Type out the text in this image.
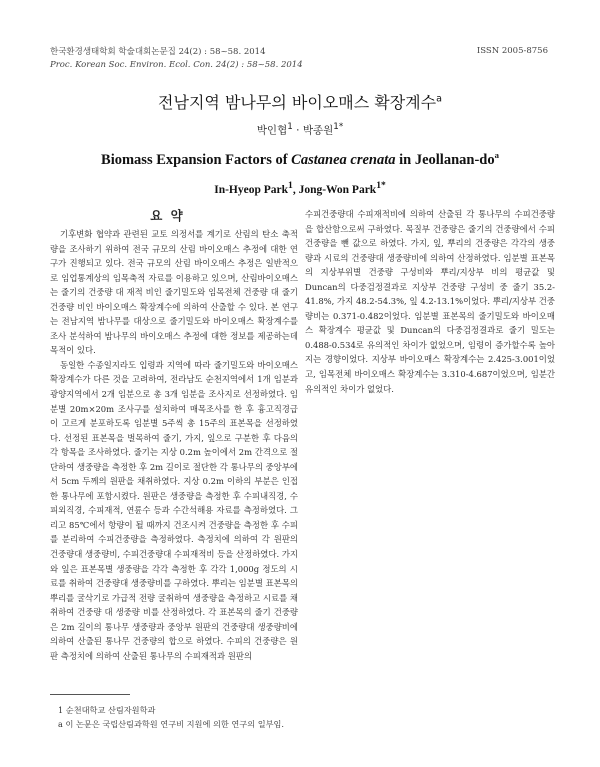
한국환경생태학회 학술대회논문집 24(2) : 58~58. 2014
Proc. Korean Soc. Environ. Ecol. Con. 24(2) : 58~58. 2014
ISSN 2005-8756
전남지역 밤나무의 바이오매스 확장계수$^a$
박인협$^1$ · 박종원$^{1*}$
Biomass Expansion Factors of Castanea crenata in Jeollanan-$do^a$
In-Hyeop Park$^1$, Jong-Won Park$^{1*}$
요 약

기후변화 협약과 관련된 교토 의정서를 계기로 산림의 탄소 축적량을 조사하기 위하여 전국 규모의 산림 바이오매스 추정에 대한 연구가 진행되고 있다. 전국 규모의 산림 바이오매스 추정은 일반적으로 임업통계상의 임목축적 자료를 이용하고 있으며, 산림바이오매스는 줄기의 건중량 대 재적 비인 줄기밀도와 임목전체 건중량 대 줄기 건중량 비인 바이오매스 확장계수에 의하여 산출할 수 있다. 본 연구는 전남지역 밤나무를 대상으로 줄기밀도와 바이오매스 확장계수를 조사 분석하여 밤나무의 바이오매스 추정에 대한 정보를 제공하는데 목적이 있다.

동일한 수종일지라도 입령과 지역에 따라 줄기밀도와 바이오매스 확장계수가 다른 것을 고려하여, 전라남도 순천지역에서 1개 임분과 광양지역에서 2개 임분으로 총 3개 임분을 조사지로 선정하였다. 임분별 20m×20m 조사구를 설치하여 매목조사를 한 후 흉고직경급이 고르게 분포하도록 임분별 5주씩 총 15주의 표본목을 선정하였다. 선정된 표본목을 벌목하여 줄기, 가지, 잎으로 구분한 후 다음의 각 항목을 조사하였다. 줄기는 지상 0.2m 높이에서 2m 간격으로 절단하여 생중량을 측정한 후 2m 길이로 절단한 각 통나무의 중앙부에서 5cm 두께의 원판을 채취하였다. 지상 0.2m 이하의 부분은 인접한 통나무에 포함시켰다. 원판은 생중량을 측정한 후 수피내직경, 수피외직경, 수피재적, 연륜수 등과 수간석해용 자료를 측정하였다. 그리고 85℃에서 항량이 될 때까지 건조시켜 건중량을 측정한 후 수피를 분리하여 수피건중량을 측정하였다. 측정치에 의하여 각 원판의 건중량대 생중량비, 수피건중량대 수피재적비 등을 산정하였다. 가지와 잎은 표본목별 생중량을 각각 측정한 후 각각 1,000g 정도의 시료를 취하여 건중량대 생중량비를 구하였다. 뿌리는 임분별 표본목의 뿌리를 굴삭기로 가급적 전량 굴취하여 생중량을 측정하고 시료를 채취하여 건중량 대 생중량 비를 산정하였다. 각 표본목의 줄기 건중량은 2m 길이의 통나무 생중량과 중앙부 원판의 건중량대 생중량비에 의하여 산출된 통나무 건중량의 합으로 하였다. 수피의 건중량은 원판 측정치에 의하여 산출된 통나무의 수피재적과 원판의

수피건중량대 수피재적비에 의하여 산출된 각 통나무의 수피건중량을 합산함으로써 구하였다. 목질부 건중량은 줄기의 건중량에서 수피건중량을 뺀 값으로 하였다. 가지, 잎, 뿌리의 건중량은 각각의 생중량과 시료의 건중량대 생중량비에 의하여 산정하였다. 임분별 표본목의 지상부위별 건중량 구성비와 뿌리/지상부 비의 평균값 및 Duncan의 다중검정결과로 지상부 건중량 구성비 중 줄기 35.2-41.8%, 가지 48.2-54.3%, 잎 4.2-13.1%이었다. 뿌리/지상부 건중량비는 0.371-0.482이었다. 임분별 표본목의 줄기밀도와 바이오매스 확장계수 평균값 및 Duncan의 다중검정결과로 줄기 밀도는 0.488-0.534로 유의적인 차이가 없었으며, 임령이 증가할수록 높아지는 경향이었다. 지상부 바이오매스 확장계수는 2.425-3.001이었고, 임목전체 바이오매스 확장계수는 3.310-4.687이었으며, 임분간 유의적인 차이가 없었다.

1 순천대학교 산림자원학과
a 이 논문은 국립산림과학원 연구비 지원에 의한 연구의 일부임.
